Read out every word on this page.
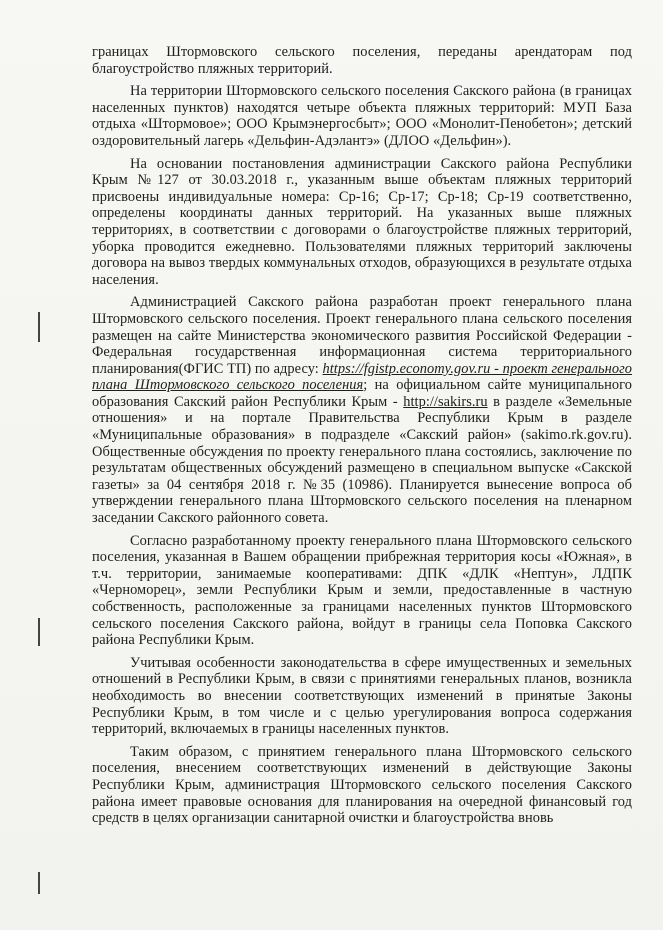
границах Штормовского сельского поселения, переданы арендаторам под благоустройство пляжных территорий.

На территории Штормовского сельского поселения Сакского района (в границах населенных пунктов) находятся четыре объекта пляжных территорий: МУП База отдыха «Штормовое»; ООО Крымэнергосбыт»; ООО «Монолит-Пенобетон»; детский оздоровительный лагерь «Дельфин-Адэлантэ» (ДЛОО «Дельфин»).

На основании постановления администрации Сакского района Республики Крым №127 от 30.03.2018 г., указанным выше объектам пляжных территорий присвоены индивидуальные номера: Ср-16; Ср-17; Ср-18; Ср-19 соответственно, определены координаты данных территорий. На указанных выше пляжных территориях, в соответствии с договорами о благоустройстве пляжных территорий, уборка проводится ежедневно. Пользователями пляжных территорий заключены договора на вывоз твердых коммунальных отходов, образующихся в результате отдыха населения.

Администрацией Сакского района разработан проект генерального плана Штормовского сельского поселения. Проект генерального плана сельского поселения размещен на сайте Министерства экономического развития Российской Федерации - Федеральная государственная информационная система территориального планирования(ФГИС ТП) по адресу: https://fgistp.economy.gov.ru - проект генерального плана Штормовского сельского поселения; на официальном сайте муниципального образования Сакский район Республики Крым - http://sakirs.ru в разделе «Земельные отношения» и на портале Правительства Республики Крым в разделе «Муниципальные образования» в подразделе «Сакский район» (sakimo.rk.gov.ru). Общественные обсуждения по проекту генерального плана состоялись, заключение по результатам общественных обсуждений размещено в специальном выпуске «Сакской газеты» за 04 сентября 2018 г. №35 (10986). Планируется вынесение вопроса об утверждении генерального плана Штормовского сельского поселения на пленарном заседании Сакского районного совета.

Согласно разработанному проекту генерального плана Штормовского сельского поселения, указанная в Вашем обращении прибрежная территория косы «Южная», в т.ч. территории, занимаемые кооперативами: ДПК «ДЛК «Нептун», ЛДПК «Черноморец», земли Республики Крым и земли, предоставленные в частную собственность, расположенные за границами населенных пунктов Штормовского сельского поселения Сакского района, войдут в границы села Поповка Сакского района Республики Крым.

Учитывая особенности законодательства в сфере имущественных и земельных отношений в Республики Крым, в связи с принятиями генеральных планов, возникла необходимость во внесении соответствующих изменений в принятые Законы Республики Крым, в том числе и с целью урегулирования вопроса содержания территорий, включаемых в границы населенных пунктов.

Таким образом, с принятием генерального плана Штормовского сельского поселения, внесением соответствующих изменений в действующие Законы Республики Крым, администрация Штормовского сельского поселения Сакского района имеет правовые основания для планирования на очередной финансовый год средств в целях организации санитарной очистки и благоустройства вновь
